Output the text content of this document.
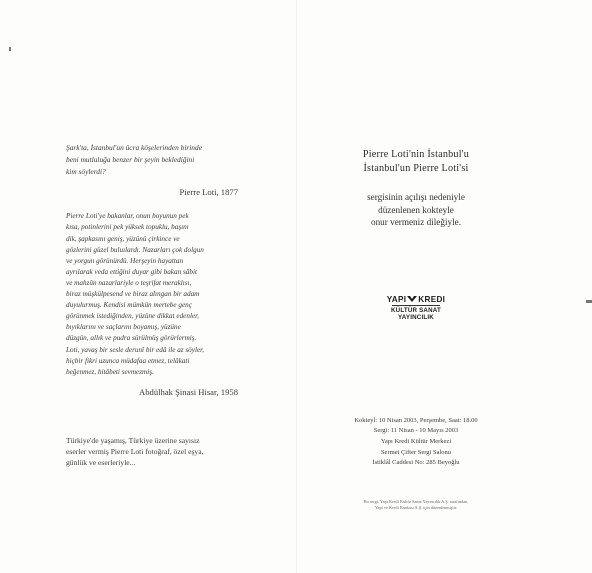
Şark'ta, İstanbul'un ücra köşelerinden birinde
beni mutluluğa benzer bir şeyin beklediğini
kim söylerdi?

Pierre Loti, 1877

Pierre Loti'ye bakanlar, onun boyunun pek
kısa, potinlerini pek yüksek topuklu, başını
dik, şapkasını geniş, yüzünü çirkince ve
gözlerini güzel buluılardı. Nazarları çok dolgun
ve yorgun görünürdü. Herşeyin hayattan
ayrılarak veda ettiğini duyar gibi bakan sâbit
ve mahzûn nazarlariyle o teşrifat meraklısı,
biraz müşkülpesend ve biraz alıngan bir adam
duyulurmuş. Kendisi mümkün mertebe genç
görünmek istediğinden, yüzüne dikkat edenler,
bıyıklarını ve saçlarını boyamış, yüzüne
düzgün, allık ve pudra sürülmüş görürlermiş.
Loti, yavaş bir sesle derunî bir edâ ile az söyler,
hiçbir fikri uzunca müdafaa etmez, telâkati
beğenmez, hitâbeti sevmezmiş.

Abdülhak Şinasi Hisar, 1958
Türkiye'de yaşamış, Türkiye üzerine sayısız
eserler vermiş Pierre Loti fotoğraf, özel eşya,
günlük ve eserleriyle...
Pierre Loti'nin İstanbul'u
İstanbul'un Pierre Loti'si
sergisinin açılışı nedeniyle
düzenlenen kokteyle
onur vermeniz dileğiyle.
YAPI KREDI
KÜLTÜR SANAT
YAYINCILIK
Kokteyl: 10 Nisan 2003, Perşembe, Saat: 18.00
Sergi: 11 Nisan - 10 Mayıs 2003
Yapı Kredi Kültür Merkezi
Sermet Çifter Sergi Salonu
İstiklâl Caddesi No: 285 Beyoğlu
Bu sergi, Yapı Kredi Kültür Sanat Yayıncılık A.Ş. tarafından,
Yapı ve Kredi Bankası A.Ş. için düzenlenmiştir.
